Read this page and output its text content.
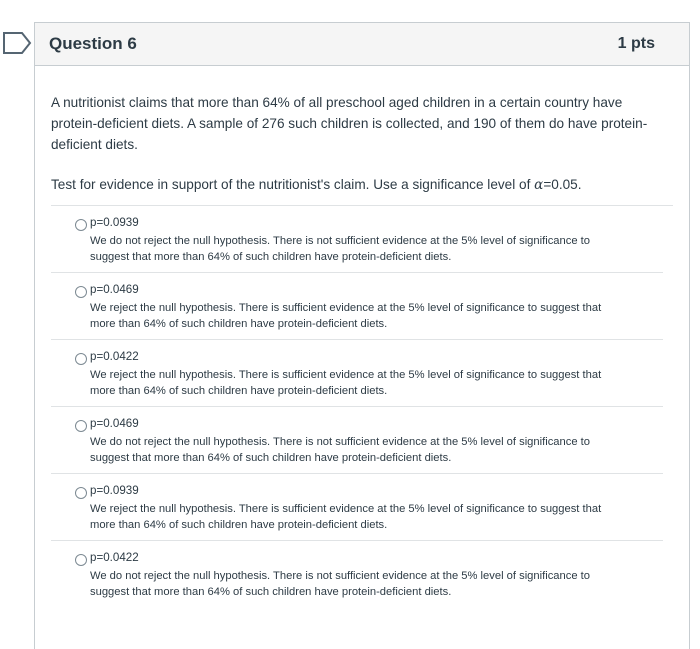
Question 6	1 pts

A nutritionist claims that more than 64% of all preschool aged children in a certain country have protein-deficient diets. A sample of 276 such children is collected, and 190 of them do have protein-deficient diets.

Test for evidence in support of the nutritionist's claim. Use a significance level of α=0.05.

p=0.0939
We do not reject the null hypothesis. There is not sufficient evidence at the 5% level of significance to suggest that more than 64% of such children have protein-deficient diets.
p=0.0469
We reject the null hypothesis. There is sufficient evidence at the 5% level of significance to suggest that more than 64% of such children have protein-deficient diets.
p=0.0422
We reject the null hypothesis. There is sufficient evidence at the 5% level of significance to suggest that more than 64% of such children have protein-deficient diets.
p=0.0469
We do not reject the null hypothesis. There is not sufficient evidence at the 5% level of significance to suggest that more than 64% of such children have protein-deficient diets.
p=0.0939
We reject the null hypothesis. There is sufficient evidence at the 5% level of significance to suggest that more than 64% of such children have protein-deficient diets.
p=0.0422
We do not reject the null hypothesis. There is not sufficient evidence at the 5% level of significance to suggest that more than 64% of such children have protein-deficient diets.
